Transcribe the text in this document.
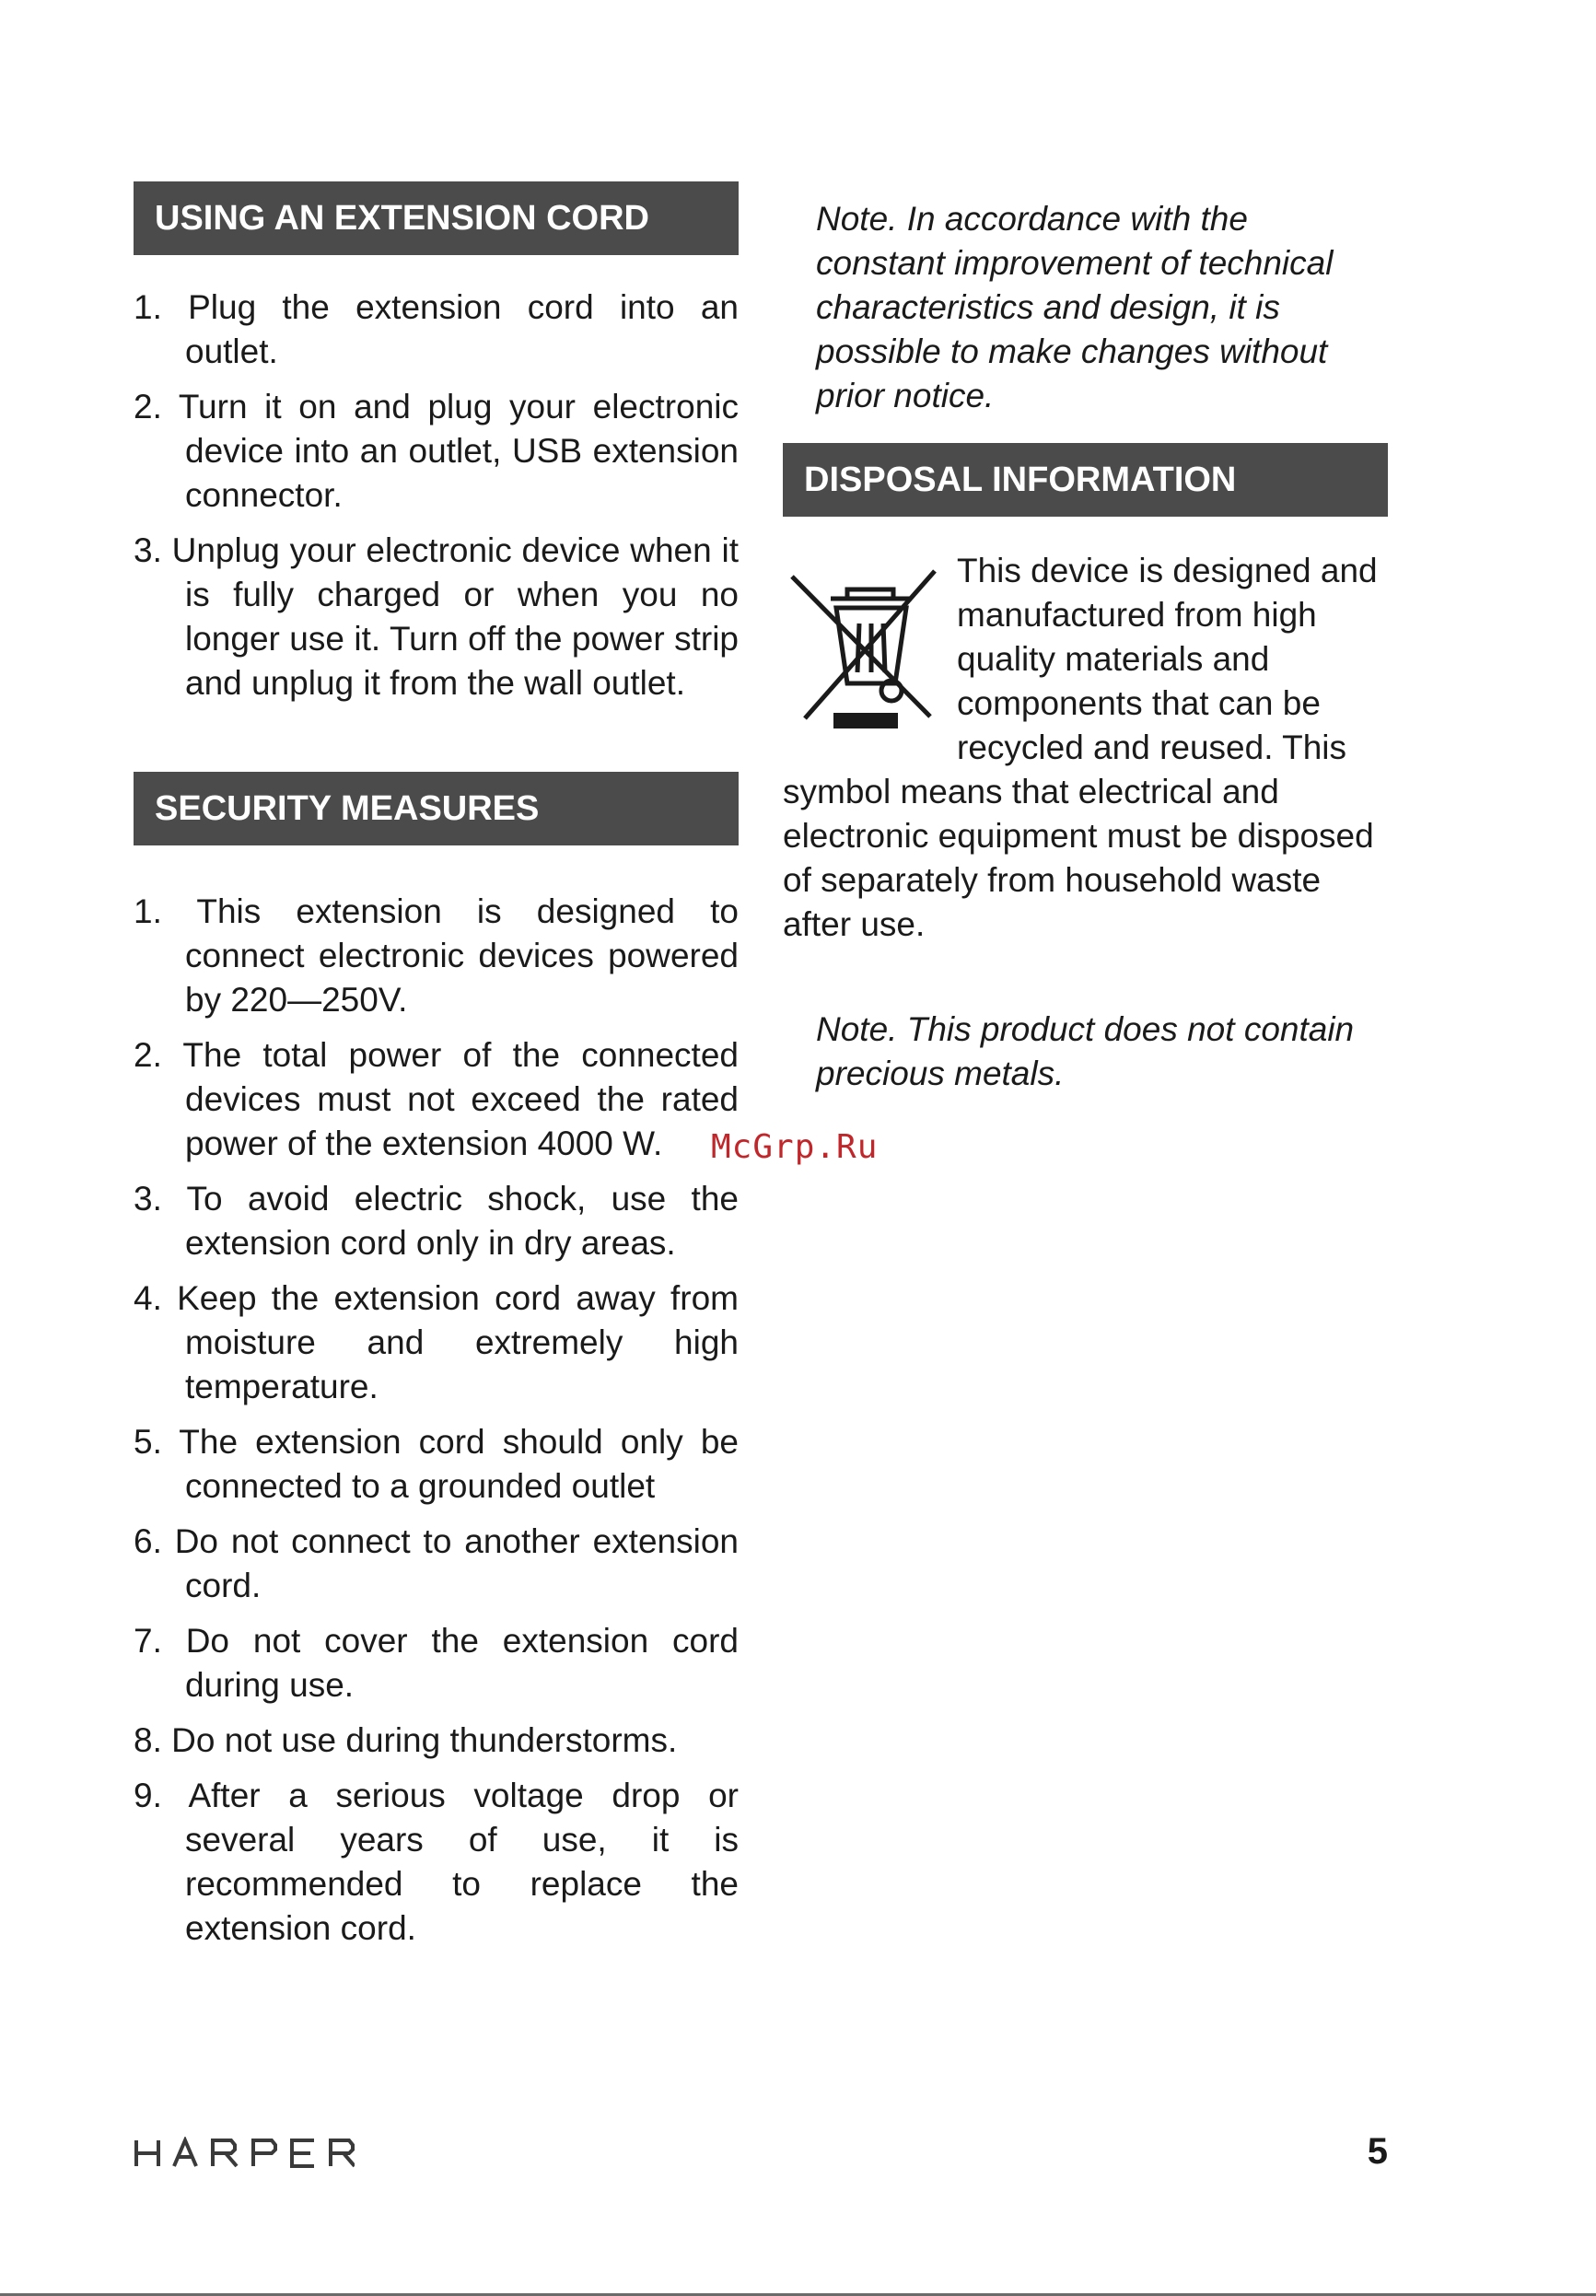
USING AN EXTENSION CORD
1. Plug the extension cord into an outlet.
2. Turn it on and plug your electronic device into an outlet, USB extension connector.
3. Unplug your electronic device when it is fully charged or when you no longer use it. Turn off the power strip and unplug it from the wall outlet.
SECURITY MEASURES
1. This extension is designed to connect electronic devices powered by 220—250V.
2. The total power of the connected devices must not exceed the rated power of the extension 4000 W.
3. To avoid electric shock, use the extension cord only in dry areas.
4. Keep the extension cord away from moisture and extremely high temperature.
5. The extension cord should only be connected to a grounded outlet
6. Do not connect to another extension cord.
7. Do not cover the extension cord during use.
8. Do not use during thunderstorms.
9. After a serious voltage drop or several years of use, it is recommended to replace the extension cord.

Note. In accordance with the constant improvement of technical characteristics and design, it is possible to make changes without prior notice.

DISPOSAL INFORMATION
This device is designed and manufactured from high quality materials and components that can be recycled and reused. This symbol means that electrical and electronic equipment must be disposed of separately from household waste after use.

Note. This product does not contain precious metals.

McGrp.Ru
5
